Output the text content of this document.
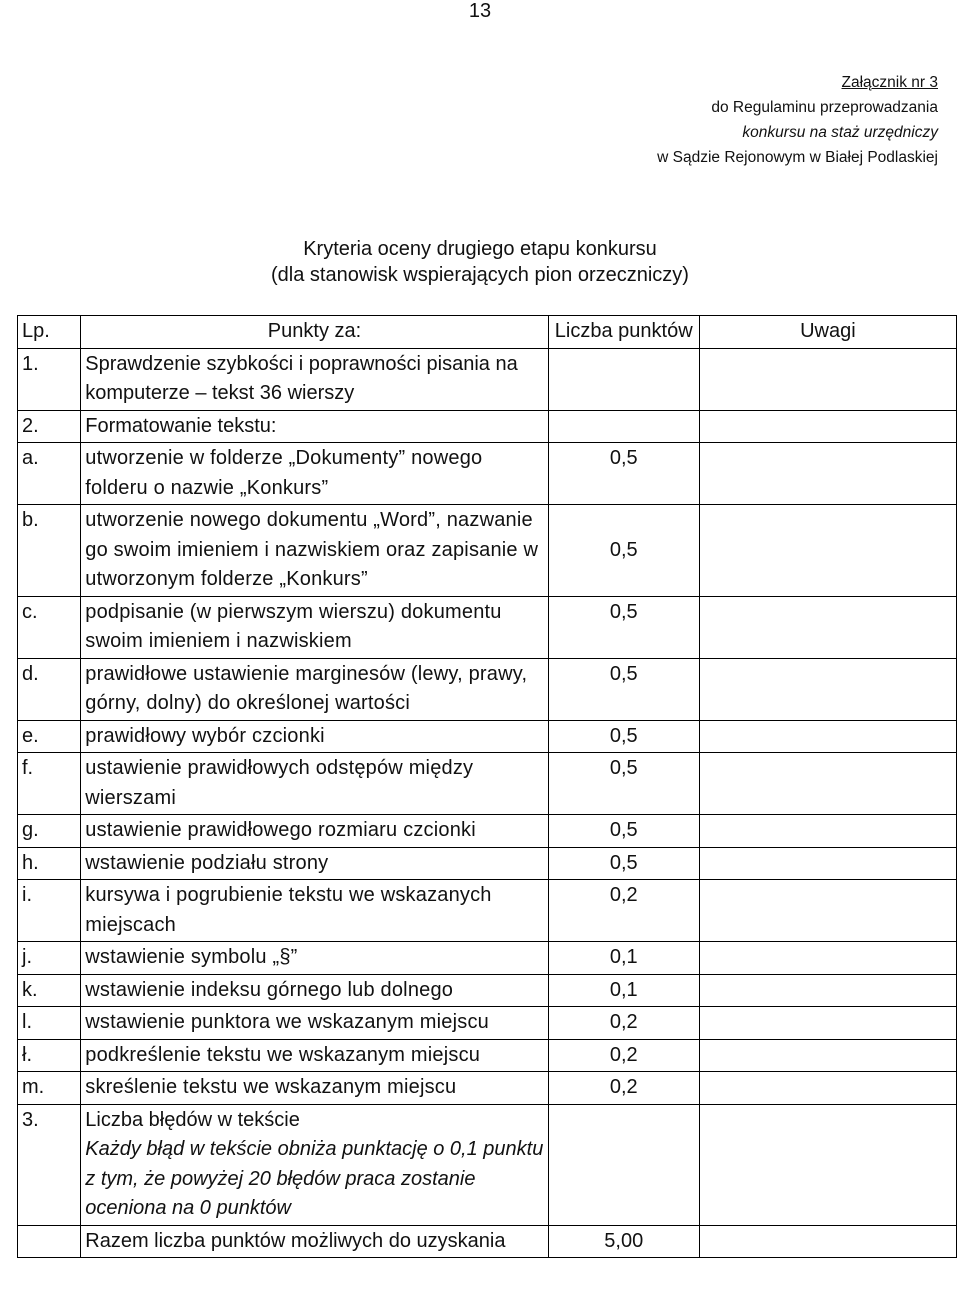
13
Załącznik nr 3
do Regulaminu przeprowadzania
konkursu na staż urzędniczy
w Sądzie Rejonowym w Białej Podlaskiej
Kryteria oceny drugiego etapu konkursu
(dla stanowisk wspierających pion orzeczniczy)
Lp.	Punkty za:	Liczba punktów	Uwagi
1.	Sprawdzenie szybkości i poprawności pisania na komputerze – tekst 36 wierszy		
2.	Formatowanie tekstu:		
a.	utworzenie w folderze „Dokumenty” nowego folderu o nazwie „Konkurs”	0,5	
b.	utworzenie nowego dokumentu „Word”, nazwanie go swoim imieniem i nazwiskiem oraz zapisanie w utworzonym folderze „Konkurs”	0,5	
c.	podpisanie (w pierwszym wierszu) dokumentu swoim imieniem i nazwiskiem	0,5	
d.	prawidłowe ustawienie marginesów (lewy, prawy, górny, dolny) do określonej wartości	0,5	
e.	prawidłowy wybór czcionki	0,5	
f.	ustawienie prawidłowych odstępów między wierszami	0,5	
g.	ustawienie prawidłowego rozmiaru czcionki	0,5	
h.	wstawienie podziału strony	0,5	
i.	kursywa i pogrubienie tekstu we wskazanych miejscach	0,2	
j.	wstawienie symbolu „§”	0,1	
k.	wstawienie indeksu górnego lub dolnego	0,1	
l.	wstawienie punktora we wskazanym miejscu	0,2	
ł.	podkreślenie tekstu we wskazanym miejscu	0,2	
m.	skreślenie tekstu we wskazanym miejscu	0,2	
3.	Liczba błędów w tekście
Każdy błąd w tekście obniża punktację o 0,1 punktu z tym, że powyżej 20 błędów praca zostanie oceniona na 0 punktów		

	Razem liczba punktów możliwych do uzyskania	5,00	
